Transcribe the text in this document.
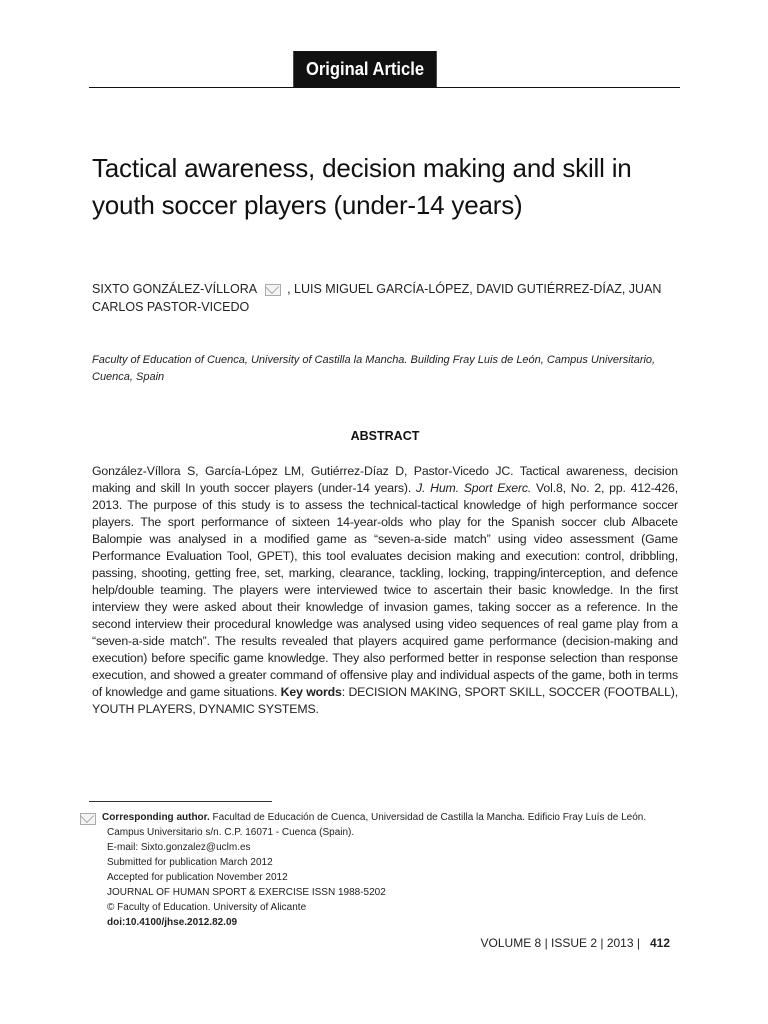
Original Article
Tactical awareness, decision making and skill in youth soccer players (under-14 years)
SIXTO GONZÁLEZ-VÍLLORA , LUIS MIGUEL GARCÍA-LÓPEZ, DAVID GUTIÉRREZ-DÍAZ, JUAN CARLOS PASTOR-VICEDO
Faculty of Education of Cuenca, University of Castilla la Mancha. Building Fray Luis de León, Campus Universitario, Cuenca, Spain
ABSTRACT
González-Víllora S, García-López LM, Gutiérrez-Díaz D, Pastor-Vicedo JC. Tactical awareness, decision making and skill In youth soccer players (under-14 years). J. Hum. Sport Exerc. Vol.8, No. 2, pp. 412-426, 2013. The purpose of this study is to assess the technical-tactical knowledge of high performance soccer players. The sport performance of sixteen 14-year-olds who play for the Spanish soccer club Albacete Balompie was analysed in a modified game as “seven-a-side match” using video assessment (Game Performance Evaluation Tool, GPET), this tool evaluates decision making and execution: control, dribbling, passing, shooting, getting free, set, marking, clearance, tackling, locking, trapping/interception, and defence help/double teaming. The players were interviewed twice to ascertain their basic knowledge. In the first interview they were asked about their knowledge of invasion games, taking soccer as a reference. In the second interview their procedural knowledge was analysed using video sequences of real game play from a “seven-a-side match”. The results revealed that players acquired game performance (decision-making and execution) before specific game knowledge. They also performed better in response selection than response execution, and showed a greater command of offensive play and individual aspects of the game, both in terms of knowledge and game situations. Key words: DECISION MAKING, SPORT SKILL, SOCCER (FOOTBALL), YOUTH PLAYERS, DYNAMIC SYSTEMS.
Corresponding author. Facultad de Educación de Cuenca, Universidad de Castilla la Mancha. Edificio Fray Luís de León.
Campus Universitario s/n. C.P. 16071 - Cuenca (Spain).
E-mail: Sixto.gonzalez@uclm.es
Submitted for publication March 2012
Accepted for publication November 2012
JOURNAL OF HUMAN SPORT & EXERCISE ISSN 1988-5202
© Faculty of Education. University of Alicante
doi:10.4100/jhse.2012.82.09
VOLUME 8 | ISSUE 2 | 2013 | 412
